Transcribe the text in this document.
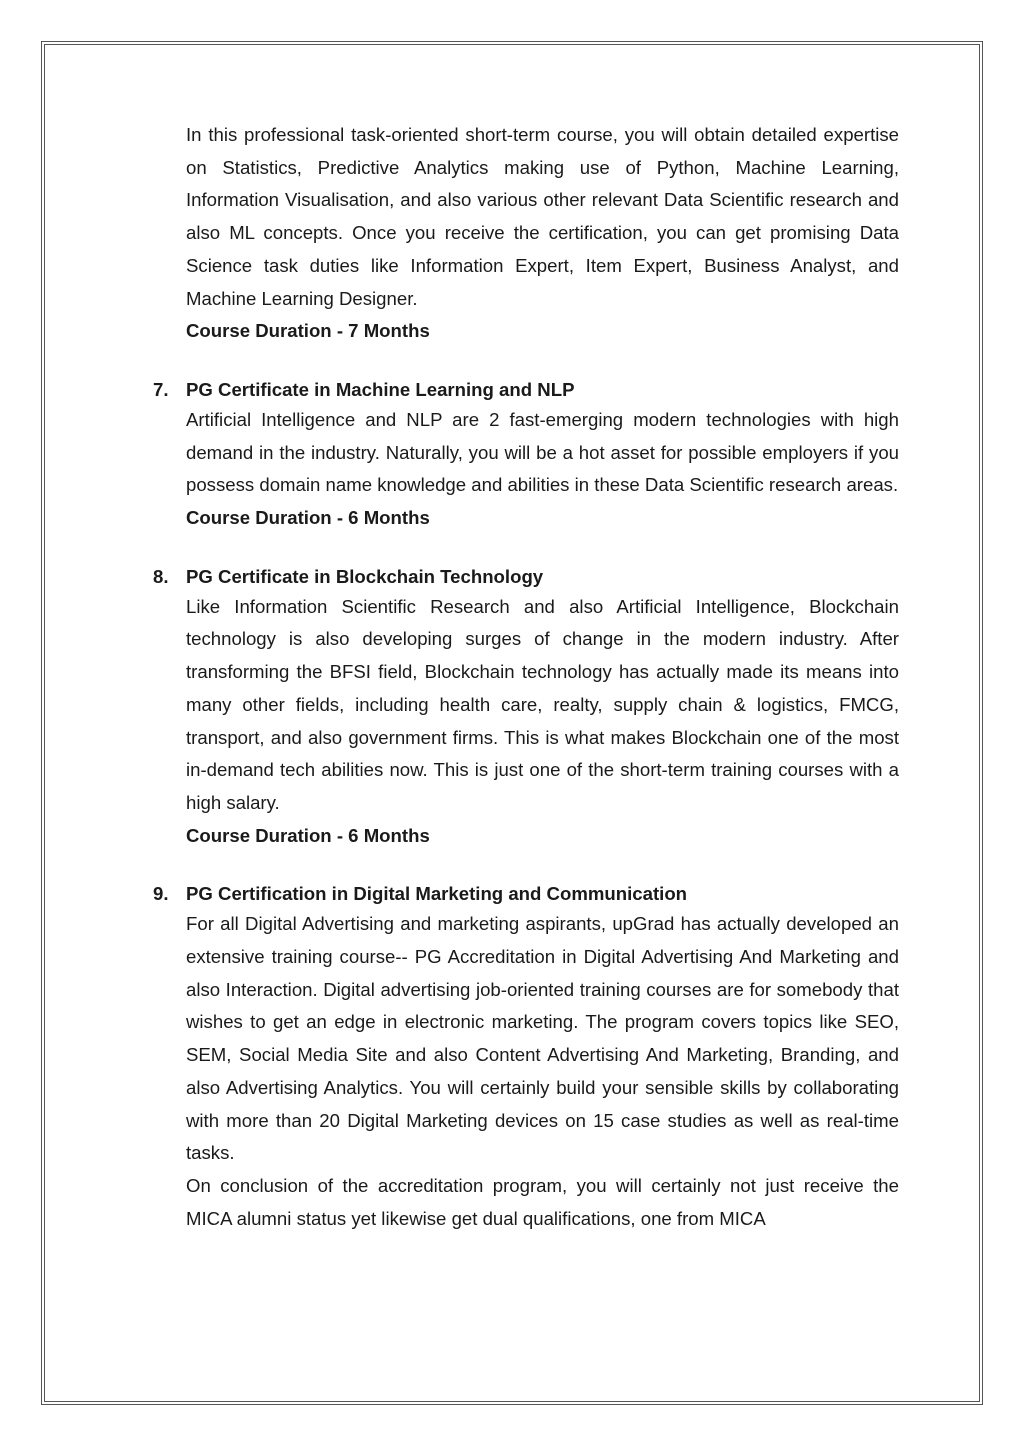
In this professional task-oriented short-term course, you will obtain detailed expertise on Statistics, Predictive Analytics making use of Python, Machine Learning, Information Visualisation, and also various other relevant Data Scientific research and also ML concepts. Once you receive the certification, you can get promising Data Science task duties like Information Expert, Item Expert, Business Analyst, and Machine Learning Designer.

Course Duration - 7 Months

7. PG Certificate in Machine Learning and NLP

Artificial Intelligence and NLP are 2 fast-emerging modern technologies with high demand in the industry. Naturally, you will be a hot asset for possible employers if you possess domain name knowledge and abilities in these Data Scientific research areas.

Course Duration - 6 Months

8. PG Certificate in Blockchain Technology

Like Information Scientific Research and also Artificial Intelligence, Blockchain technology is also developing surges of change in the modern industry. After transforming the BFSI field, Blockchain technology has actually made its means into many other fields, including health care, realty, supply chain & logistics, FMCG, transport, and also government firms. This is what makes Blockchain one of the most in-demand tech abilities now. This is just one of the short-term training courses with a high salary.

Course Duration - 6 Months

9. PG Certification in Digital Marketing and Communication

For all Digital Advertising and marketing aspirants, upGrad has actually developed an extensive training course-- PG Accreditation in Digital Advertising And Marketing and also Interaction. Digital advertising job-oriented training courses are for somebody that wishes to get an edge in electronic marketing. The program covers topics like SEO, SEM, Social Media Site and also Content Advertising And Marketing, Branding, and also Advertising Analytics. You will certainly build your sensible skills by collaborating with more than 20 Digital Marketing devices on 15 case studies as well as real-time tasks.

On conclusion of the accreditation program, you will certainly not just receive the MICA alumni status yet likewise get dual qualifications, one from MICA
